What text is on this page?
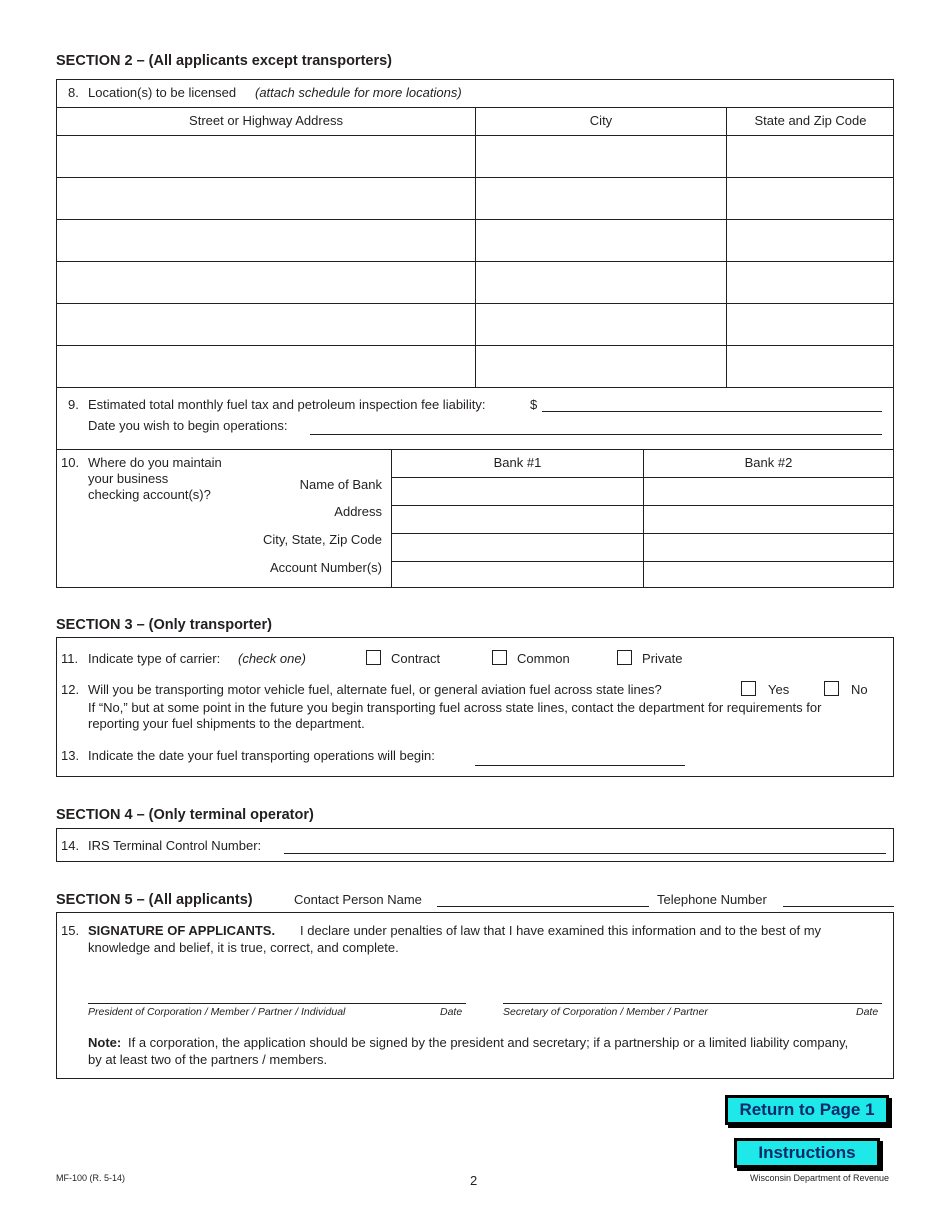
SECTION 2 – (All applicants except transporters)
8. Location(s) to be licensed (attach schedule for more locations)
Street or Highway Address	City	State and Zip Code
9. Estimated total monthly fuel tax and petroleum inspection fee liability:	$
Date you wish to begin operations:
10. Where do you maintain
your business
checking account(s)?
Bank #1	Bank #2
Name of Bank
Address
City, State, Zip Code
Account Number(s)
SECTION 3 – (Only transporter)
11. Indicate type of carrier: (check one)	Contract	Common	Private
12. Will you be transporting motor vehicle fuel, alternate fuel, or general aviation fuel across state lines?	Yes	No
If “No,” but at some point in the future you begin transporting fuel across state lines, contact the department for requirements for
reporting your fuel shipments to the department.
13. Indicate the date your fuel transporting operations will begin:
SECTION 4 – (Only terminal operator)
14. IRS Terminal Control Number:
SECTION 5 – (All applicants)	Contact Person Name	Telephone Number
15. SIGNATURE OF APPLICANTS. I declare under penalties of law that I have examined this information and to the best of my
knowledge and belief, it is true, correct, and complete.
President of Corporation / Member / Partner / Individual	Date	Secretary of Corporation / Member / Partner	Date
Note: If a corporation, the application should be signed by the president and secretary; if a partnership or a limited liability company,
by at least two of the partners / members.
Return to Page 1
Instructions
MF-100 (R. 5-14)	2	Wisconsin Department of Revenue
